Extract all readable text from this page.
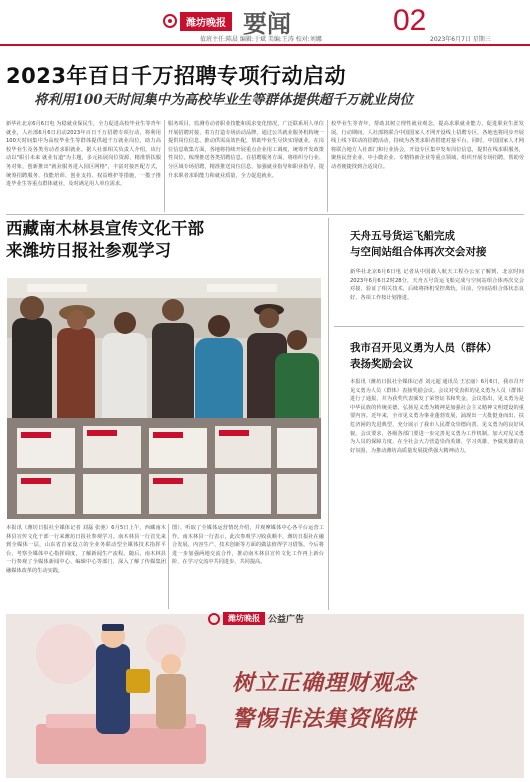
潍坊晚报 要闻	02
值班主任:陈晨 编辑:于斌 美编:王涛 校对:刘娜	2023年6月7日 星期三
2023年百日千万招聘专项行动启动
将利用100天时间集中为高校毕业生等群体提供超千万就业岗位
新华社北京6月6日电 为稳就业保民生，全力促进高校毕业生等青年就业，人社部6月6日启动2023年百日千万招聘专项行动，将利用100天时间集中为高校毕业生等群体提供超千万就业岗位，助力高校毕业生及各类劳动者求职就业。据人社部相关负责人介绍，该行动以"职引未来 就业有道"为主题，多元拓展岗位资源，精准帮扶服务对象，创新推出"就业服务进入园区网格"，丰富对接匹配方式，统筹招聘服务、技能培训、创业支持、权益维护等措施，一揽子推进毕业生等重点群体就业，及时满足用人单位需求。
服务项目，监测劳动者职业技能和需求变化情况，广泛联系用人单位开展招聘对接，着力打造专场活动品牌，通过公共就业服务机构统一提供岗位信息，推动供需高效匹配，帮助毕业生尽快实现就业。在岗位信息收集方面，各地将持续开展重点企业用工调度，统筹开发政策性岗位，梳理推送各类招聘信息。在招聘服务方面，将组织分行业、分区域专场招聘，精准推送岗位信息，加强就业指导和职业指导，提升求职者求职能力和就业质量，全力促进就业。
校毕业生等青年，帮助其树立理性就业观念，提高求职就业能力，促进职业生涯发展。行动期间，人社部将联合中国国家人才网开设线上招聘专区，各地也将同步开展线上线下联动的招聘活动，持续为各类求职者搭建对接平台。同时，中国国家人才网将联合地方人社部门和行业协会，开设专区集中发布岗位信息，提供在线求职服务，聚焦民营企业、中小微企业、专精特新企业等重点领域，组织开展专场招聘，帮助劳动者便捷找到合适岗位。
西藏南木林县宣传文化干部
来潍坊日报社参观学习
本报讯（潍坊日报社全媒体记者 刘磊 张弛）6月5日上午，西藏南木林县宣传文化干部一行来潍坊日报社参观学习。南木林县一行首先来到全媒体一层，山东省首家设立的全业务联动型全媒体技术指挥平台，考察全媒体中心指挥调度，了解新闻生产流程。随后，南木林县一行参观了全媒体新闻中心、编辑中心等部门，深入了解了传媒集团融媒体改革的生动实践。
图），听取了全媒体运营情况介绍，并观摩媒体中心各平台运营工作。南木林县一行表示，此次参观学习收获颇丰，潍坊日报社在融合发展、内容生产、技术创新等方面的做法值得学习借鉴。今后将进一步加强两地交流合作，推动南木林县宣传文化工作再上新台阶，在学习交流中共同进步、共同提高。
天舟五号货运飞船完成
与空间站组合体再次交会对接
新华社北京6月6日电 记者从中国载人航天工程办公室了解到，北京时间2023年6月6日2时28分，天舟五号货运飞船完成与空间站组合体再次交会对接，验证了相关技术，后续将择机受控离轨。目前，空间站组合体状态良好，各项工作按计划推进。
我市召开见义勇为人员（群体）
表扬奖励会议
本报讯（潍坊日报社全媒体记者 刘元超 通讯员 王宏丽）6月6日，我市召开见义勇为人员（群体）表扬奖励会议。会议对受表彰的见义勇为人员（群体）进行了通报，并为获奖代表颁发了荣誉证书和奖金。会议指出，见义勇为是中华民族的传统美德，弘扬见义勇为精神是加强社会主义精神文明建设的重要内容。近年来，全市见义勇为事业蓬勃发展，涌现出一大批挺身而出、扶危济困的先进典型，充分展示了我市人民群众崇德向善、见义勇为的良好风貌。会议要求，各级各部门要进一步完善见义勇为工作机制，加大对见义勇为人员的保障力度，在全社会大力营造崇尚英雄、学习英雄、争做英雄的良好氛围，为推动潍坊高质量发展提供强大精神动力。
潍坊晚报 公益广告
树立正确理财观念
警惕非法集资陷阱
